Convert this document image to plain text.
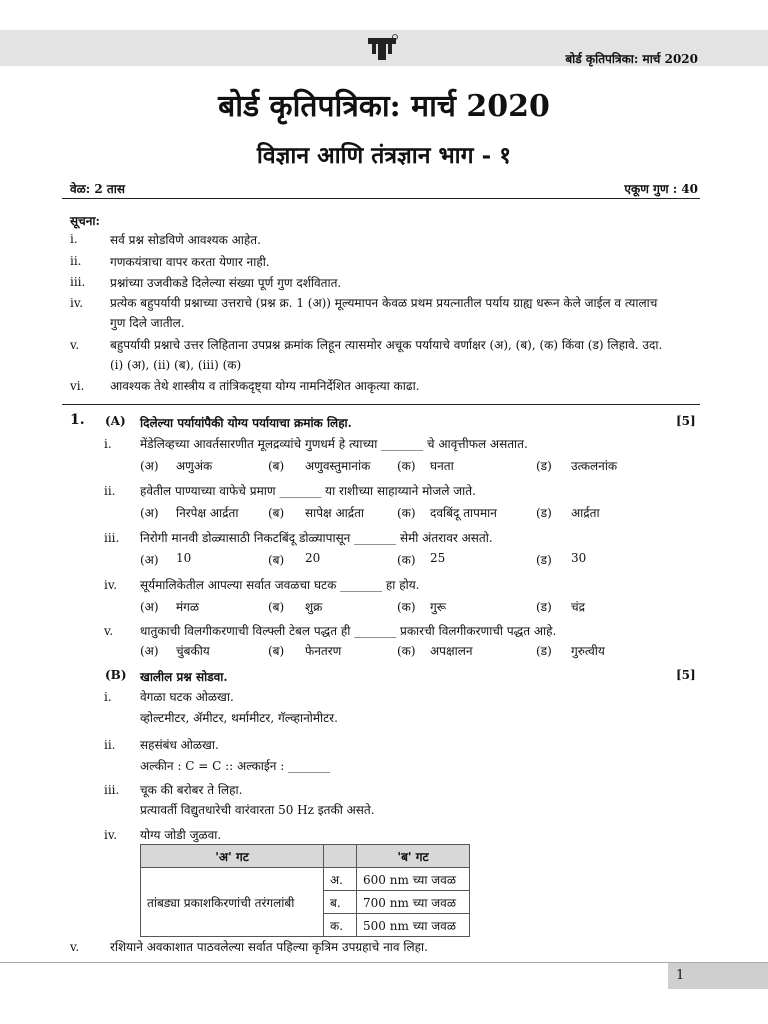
बोर्ड कृतिपत्रिका: मार्च 2020
बोर्ड कृतिपत्रिका: मार्च 2020
विज्ञान आणि तंत्रज्ञान भाग - १
वेळ: 2 तास	एकूण गुण : 40
सूचना:
i.	सर्व प्रश्न सोडविणे आवश्यक आहेत.
ii.	गणकयंत्राचा वापर करता येणार नाही.
iii.	प्रश्नांच्या उजवीकडे दिलेल्या संख्या पूर्ण गुण दर्शवितात.
iv.	प्रत्येक बहुपर्यायी प्रश्नाच्या उत्तराचे (प्रश्न क्र. 1 (अ)) मूल्यमापन केवळ प्रथम प्रयत्नातील पर्याय ग्राह्य धरून केले जाईल व त्यालाच गुण दिले जातील.
v.	बहुपर्यायी प्रश्नाचे उत्तर लिहिताना उपप्रश्न क्रमांक लिहून त्यासमोर अचूक पर्यायाचे वर्णाक्षर (अ), (ब), (क) किंवा (ड) लिहावे. उदा. (i) (अ), (ii) (ब), (iii) (क)
vi.	आवश्यक तेथे शास्त्रीय व तांत्रिकदृष्ट्या योग्य नामनिर्देशित आकृत्या काढा.
1. (A) दिलेल्या पर्यायांपैकी योग्य पर्यायाचा क्रमांक लिहा.	[5]
i. मेंडेलिव्हच्या आवर्तसारणीत मूलद्रव्यांचे गुणधर्म हे त्याच्या _______ चे आवृत्तीफल असतात.
(अ) अणुअंक	(ब) अणुवस्तुमानांक (क) घनता	(ड) उत्कलनांक
ii. हवेतील पाण्याच्या वाफेचे प्रमाण _______ या राशीच्या साहाय्याने मोजले जाते.
(अ) निरपेक्ष आर्द्रता (ब) सापेक्ष आर्द्रता	(क) दवबिंदू तापमान	(ड) आर्द्रता
iii. निरोगी मानवी डोळ्यासाठी निकटबिंदू डोळ्यापासून _______ सेमी अंतरावर असतो.
(अ) 10	(ब) 20	(क) 25	(ड) 30
iv. सूर्यमालिकेतील आपल्या सर्वात जवळचा घटक _______ हा होय.
(अ) मंगळ	(ब) शुक्र	(क) गुरू	(ड) चंद्र
v. धातुकाची विलगीकरणाची विल्फ्ली टेबल पद्धत ही _______ प्रकारची विलगीकरणाची पद्धत आहे.
(अ) चुंबकीय	(ब) फेनतरण	(क) अपक्षालन	(ड) गुरुत्वीय
(B) खालील प्रश्न सोडवा.	[5]
i. वेगळा घटक ओळखा.
व्होल्टमीटर, ॲमीटर, थर्मामीटर, गॅल्व्हानोमीटर.
ii. सहसंबंध ओळखा.
अल्कीन : C = C :: अल्काईन : _______
iii. चूक की बरोबर ते लिहा.
प्रत्यावर्ती विद्युतधारेची वारंवारता 50 Hz इतकी असते.
iv. योग्य जोडी जुळवा.
'अ' गट		'ब' गट
तांबड्या प्रकाशकिरणांची तरंगलांबी	अ.	600 nm च्या जवळ
	ब.	700 nm च्या जवळ
	क.	500 nm च्या जवळ
v.	रशियाने अवकाशात पाठवलेल्या सर्वात पहिल्या कृत्रिम उपग्रहाचे नाव लिहा.
1
